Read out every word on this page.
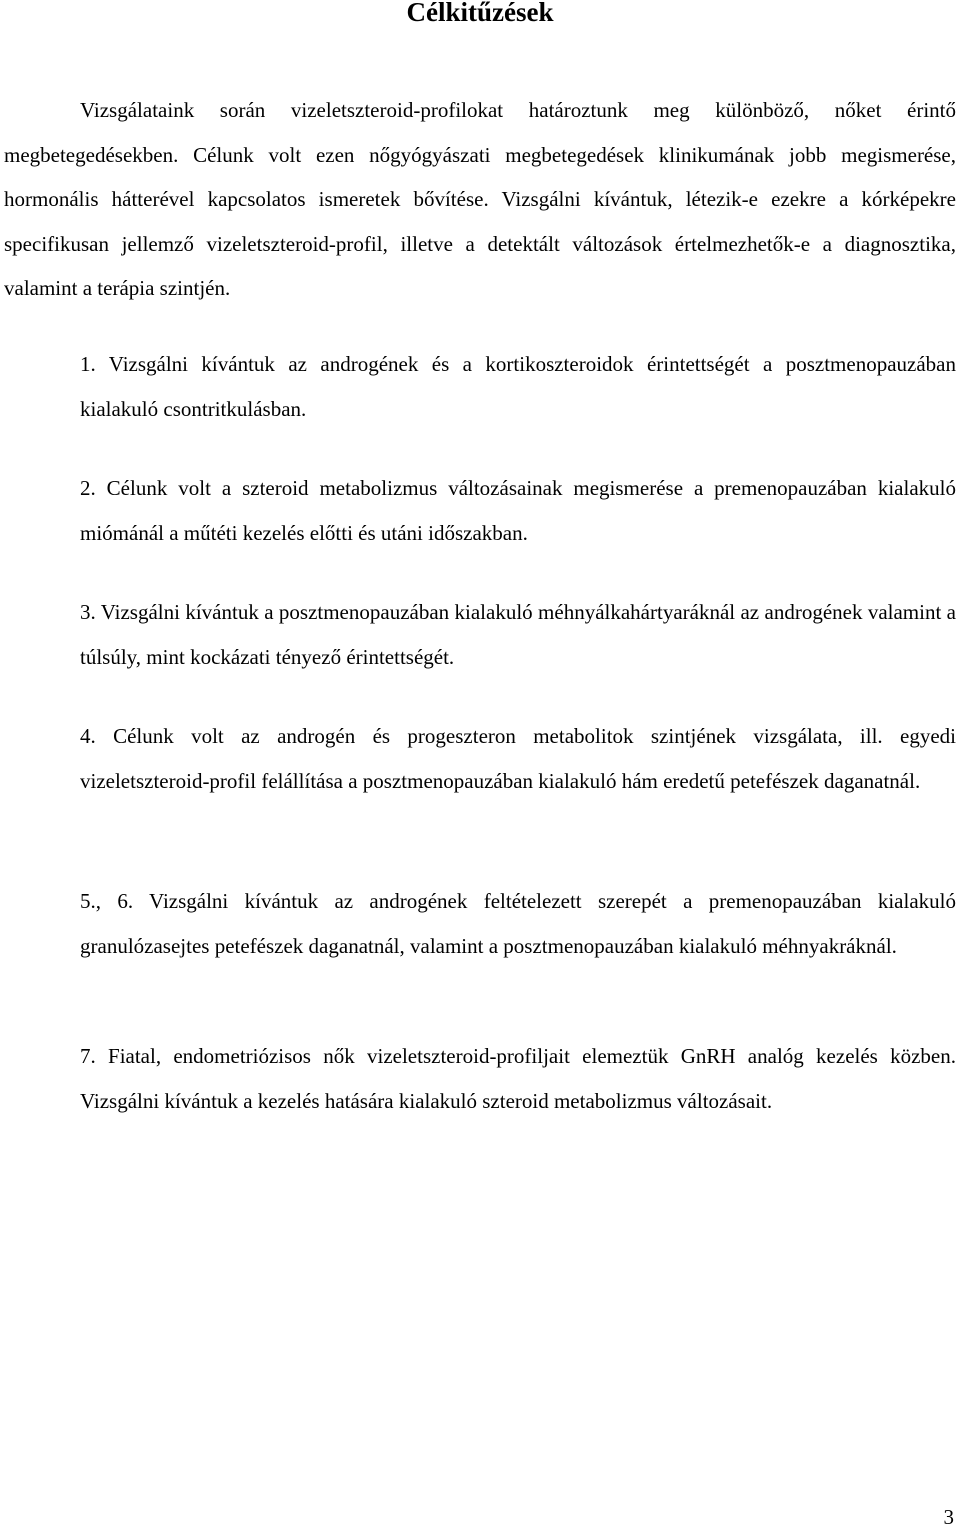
Célkitűzések

Vizsgálataink során vizeletszteroid-profilokat határoztunk meg különböző, nőket érintő megbetegedésekben. Célunk volt ezen nőgyógyászati megbetegedések klinikumának jobb megismerése, hormonális hátterével kapcsolatos ismeretek bővítése. Vizsgálni kívántuk, létezik-e ezekre a kórképekre specifikusan jellemző vizeletszteroid-profil, illetve a detektált változások értelmezhetők-e a diagnosztika, valamint a terápia szintjén.

1. Vizsgálni kívántuk az androgének és a kortikoszteroidok érintettségét a posztmenopauzában kialakuló csontritkulásban.

2. Célunk volt a szteroid metabolizmus változásainak megismerése a premenopauzában kialakuló miómánál a műtéti kezelés előtti és utáni időszakban.

3. Vizsgálni kívántuk a posztmenopauzában kialakuló méhnyálkahártyaráknál az androgének valamint a túlsúly, mint kockázati tényező érintettségét.

4. Célunk volt az androgén és progeszteron metabolitok szintjének vizsgálata, ill. egyedi vizeletszteroid-profil felállítása a posztmenopauzában kialakuló hám eredetű petefészek daganatnál.

5., 6. Vizsgálni kívántuk az androgének feltételezett szerepét a premenopauzában kialakuló granulózasejtes petefészek daganatnál, valamint a posztmenopauzában kialakuló méhnyakráknál.

7. Fiatal, endometriózisos nők vizeletszteroid-profiljait elemeztük GnRH analóg kezelés közben. Vizsgálni kívántuk a kezelés hatására kialakuló szteroid metabolizmus változásait.

3
